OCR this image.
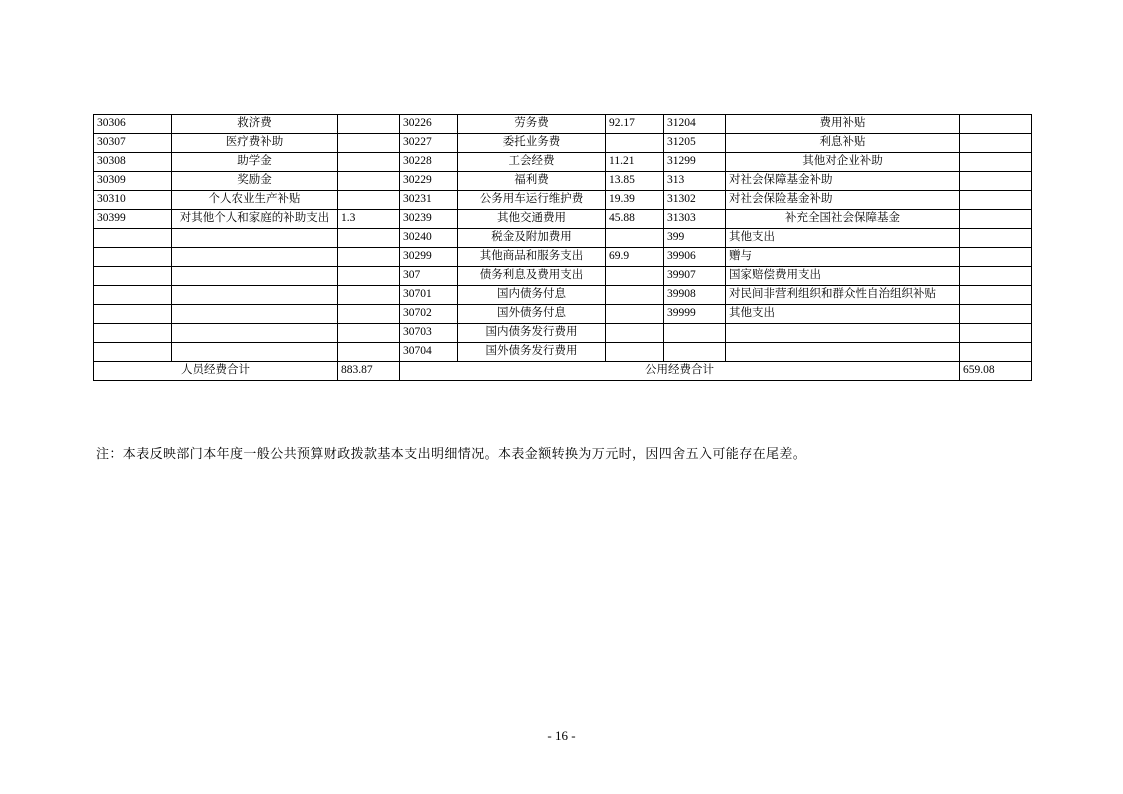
30306	救济费		30226	劳务费	92.17	31204	费用补贴	
30307	医疗费补助		30227	委托业务费		31205	利息补贴	
30308	助学金		30228	工会经费	11.21	31299	其他对企业补助	
30309	奖励金		30229	福利费	13.85	313	对社会保障基金补助	
30310	个人农业生产补贴		30231	公务用车运行维护费	19.39	31302	对社会保险基金补助	
30399	对其他个人和家庭的补助支出	1.3	30239	其他交通费用	45.88	31303	补充全国社会保障基金	
			30240	税金及附加费用		399	其他支出	
			30299	其他商品和服务支出	69.9	39906	赠与	
			307	债务利息及费用支出		39907	国家赔偿费用支出	
			30701	国内债务付息		39908	对民间非营利组织和群众性自治组织补贴	
			30702	国外债务付息		39999	其他支出	
			30703	国内债务发行费用				
			30704	国外债务发行费用				
人员经费合计		883.87	公用经费合计					659.08
注：本表反映部门本年度一般公共预算财政拨款基本支出明细情况。本表金额转换为万元时，因四舍五入可能存在尾差。
- 16 -
